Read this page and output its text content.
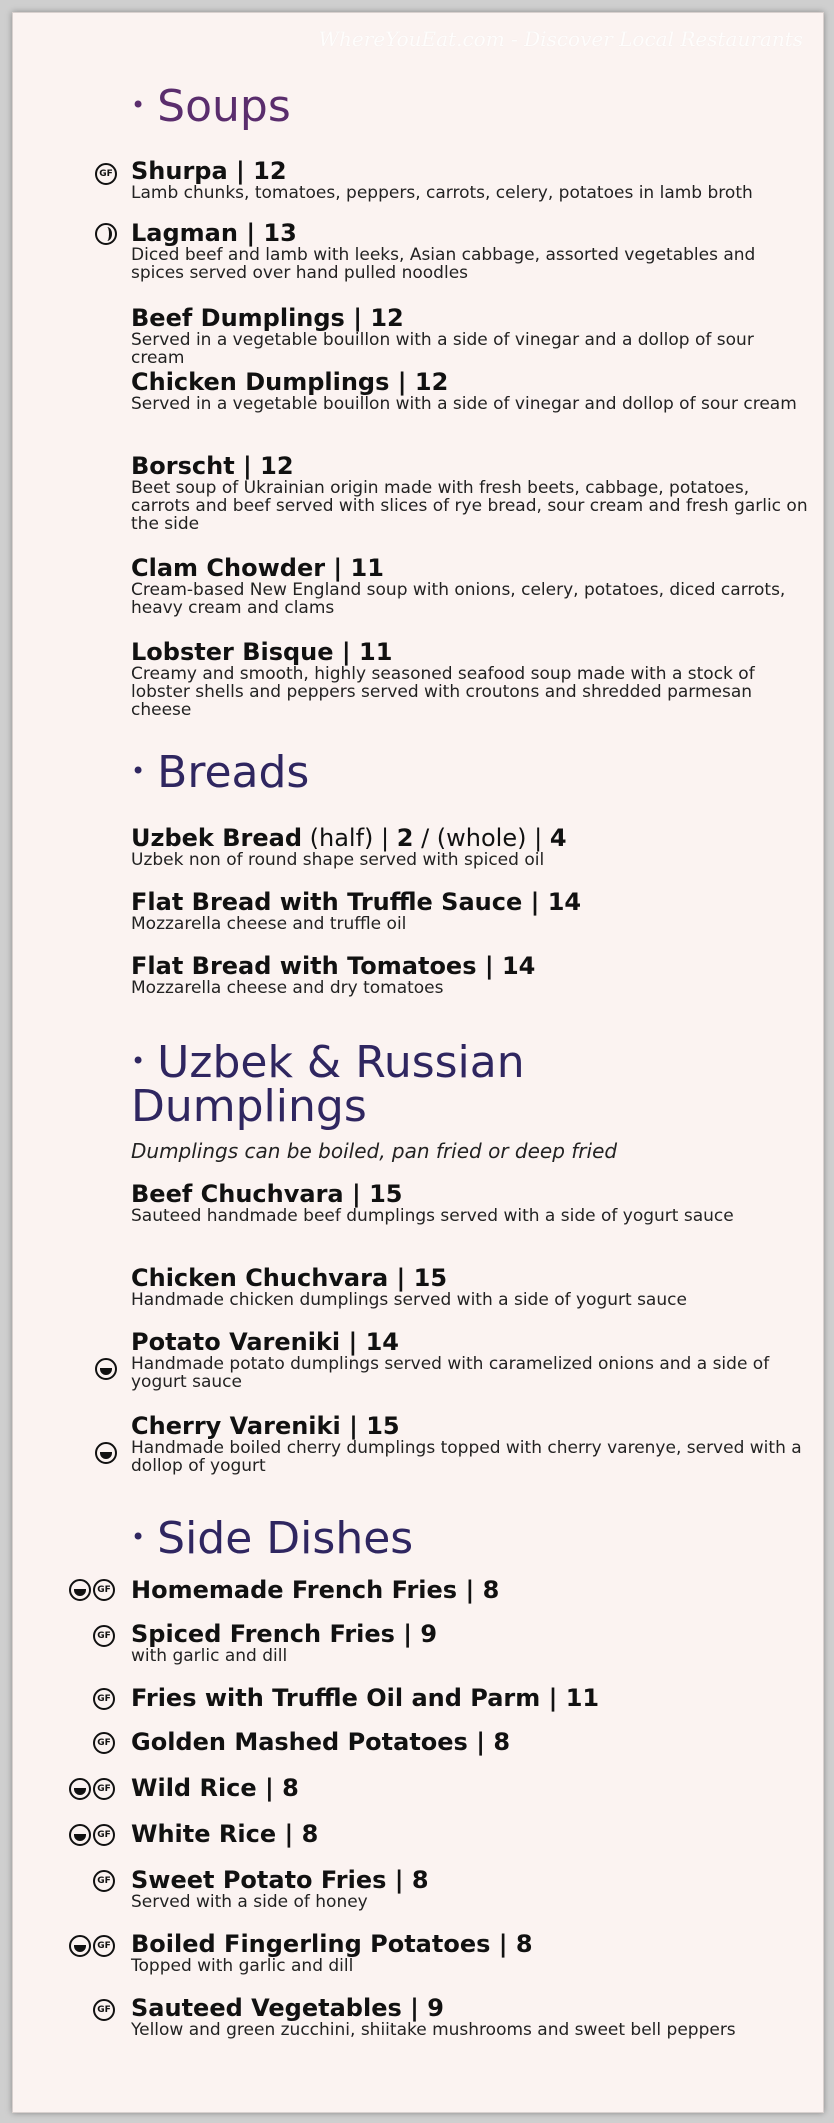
WhereYouEat.com - Discover Local Restaurants
• Soups
GF Shurpa | 12
Lamb chunks, tomatoes, peppers, carrots, celery, potatoes in lamb broth
Lagman | 13
Diced beef and lamb with leeks, Asian cabbage, assorted vegetables and spices served over hand pulled noodles
Beef Dumplings | 12
Served in a vegetable bouillon with a side of vinegar and a dollop of sour cream
Chicken Dumplings | 12
Served in a vegetable bouillon with a side of vinegar and dollop of sour cream
Borscht | 12
Beet soup of Ukrainian origin made with fresh beets, cabbage, potatoes, carrots and beef served with slices of rye bread, sour cream and fresh garlic on the side
Clam Chowder | 11
Cream-based New England soup with onions, celery, potatoes, diced carrots, heavy cream and clams
Lobster Bisque | 11
Creamy and smooth, highly seasoned seafood soup made with a stock of lobster shells and peppers served with croutons and shredded parmesan cheese
• Breads
Uzbek Bread (half) | 2 / (whole) | 4
Uzbek non of round shape served with spiced oil
Flat Bread with Truffle Sauce | 14
Mozzarella cheese and truffle oil
Flat Bread with Tomatoes | 14
Mozzarella cheese and dry tomatoes
• Uzbek & Russian
Dumplings
Dumplings can be boiled, pan fried or deep fried
Beef Chuchvara | 15
Sauteed handmade beef dumplings served with a side of yogurt sauce
Chicken Chuchvara | 15
Handmade chicken dumplings served with a side of yogurt sauce
Potato Vareniki | 14
Handmade potato dumplings served with caramelized onions and a side of yogurt sauce
Cherry Vareniki | 15
Handmade boiled cherry dumplings topped with cherry varenye, served with a dollop of yogurt
• Side Dishes
GF Homemade French Fries | 8
GF Spiced French Fries | 9
with garlic and dill
GF Fries with Truffle Oil and Parm | 11
GF Golden Mashed Potatoes | 8
GF Wild Rice | 8
GF White Rice | 8
GF Sweet Potato Fries | 8
Served with a side of honey
GF Boiled Fingerling Potatoes | 8
Topped with garlic and dill
GF Sauteed Vegetables | 9
Yellow and green zucchini, shiitake mushrooms and sweet bell peppers
